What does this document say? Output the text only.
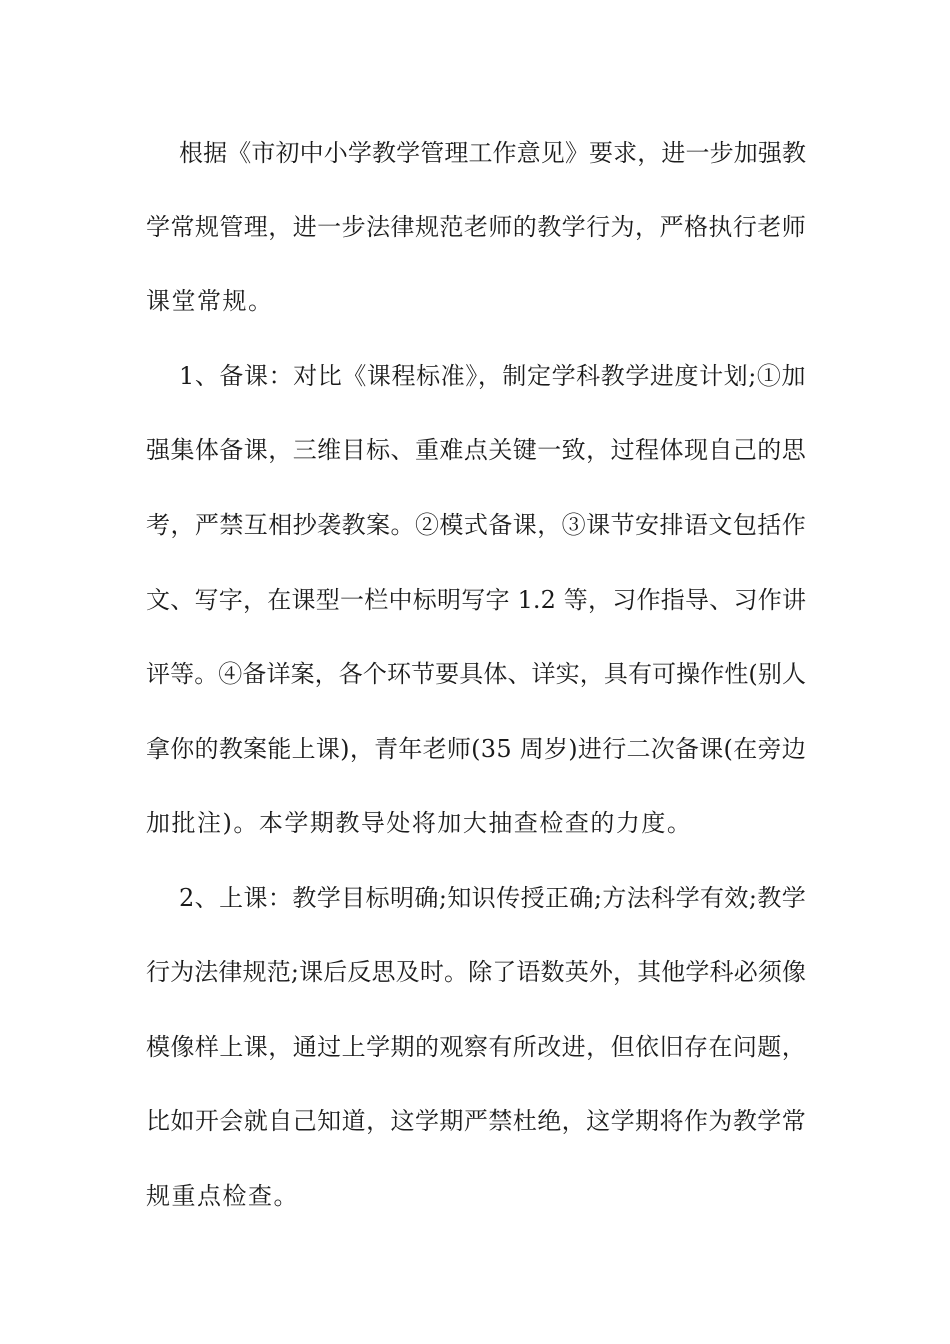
根据《市初中小学教学管理工作意见》要求，进一步加强教
学常规管理，进一步法律规范老师的教学行为，严格执行老师
课堂常规。
1、备课：对比《课程标准》，制定学科教学进度计划;①加
强集体备课，三维目标、重难点关键一致，过程体现自己的思
考，严禁互相抄袭教案。②模式备课，③课节安排语文包括作
文、写字，在课型一栏中标明写字 1.2 等，习作指导、习作讲
评等。④备详案，各个环节要具体、详实，具有可操作性(别人
拿你的教案能上课)，青年老师(35 周岁)进行二次备课(在旁边
加批注)。本学期教导处将加大抽查检查的力度。
2、上课：教学目标明确;知识传授正确;方法科学有效;教学
行为法律规范;课后反思及时。除了语数英外，其他学科必须像
模像样上课，通过上学期的观察有所改进，但依旧存在问题，
比如开会就自己知道，这学期严禁杜绝，这学期将作为教学常
规重点检查。
